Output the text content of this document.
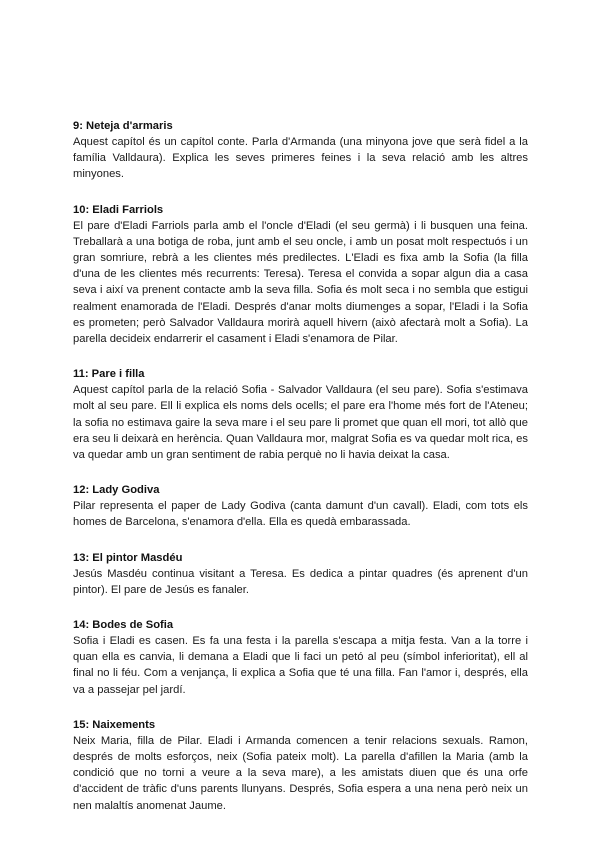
9: Neteja d'armaris

Aquest capítol és un capítol conte. Parla d'Armanda (una minyona jove que serà fidel a la família Valldaura). Explica les seves primeres feines i la seva relació amb les altres minyones.

10: Eladi Farriols

El pare d'Eladi Farriols parla amb el l'oncle d'Eladi (el seu germà) i li busquen una feina. Treballarà a una botiga de roba, junt amb el seu oncle, i amb un posat molt respectuós i un gran somriure, rebrà a les clientes més predilectes. L'Eladi es fixa amb la Sofia (la filla d'una de les clientes més recurrents: Teresa). Teresa el convida a sopar algun dia a casa seva i així va prenent contacte amb la seva filla. Sofia és molt seca i no sembla que estigui realment enamorada de l'Eladi. Després d'anar molts diumenges a sopar, l'Eladi i la Sofia es prometen; però Salvador Valldaura morirà aquell hivern (això afectarà molt a Sofia). La parella decideix endarrerir el casament i Eladi s'enamora de Pilar.

11: Pare i filla

Aquest capítol parla de la relació Sofia - Salvador Valldaura (el seu pare). Sofia s'estimava molt al seu pare. Ell li explica els noms dels ocells; el pare era l'home més fort de l'Ateneu; la sofia no estimava gaire la seva mare i el seu pare li promet que quan ell mori, tot allò que era seu li deixarà en herència. Quan Valldaura mor, malgrat Sofia es va quedar molt rica, es va quedar amb un gran sentiment de rabia perquè no li havia deixat la casa.

12: Lady Godiva

Pilar representa el paper de Lady Godiva (canta damunt d'un cavall). Eladi, com tots els homes de Barcelona, s'enamora d'ella. Ella es quedà embarassada.

13: El pintor Masdéu

Jesús Masdéu continua visitant a Teresa. Es dedica a pintar quadres (és aprenent d'un pintor). El pare de Jesús es fanaler.

14: Bodes de Sofia

Sofia i Eladi es casen. Es fa una festa i la parella s'escapa a mitja festa. Van a la torre i quan ella es canvia, li demana a Eladi que li faci un petó al peu (símbol inferioritat), ell al final no li féu. Com a venjança, li explica a Sofia que té una filla. Fan l'amor i, després, ella va a passejar pel jardí.

15: Naixements

Neix Maria, filla de Pilar. Eladi i Armanda comencen a tenir relacions sexuals. Ramon, després de molts esforços, neix (Sofia pateix molt). La parella d'afillen la Maria (amb la condició que no torni a veure a la seva mare), a les amistats diuen que és una orfe d'accident de tràfic d'uns parents llunyans. Després, Sofia espera a una nena però neix un nen malaltís anomenat Jaume.
